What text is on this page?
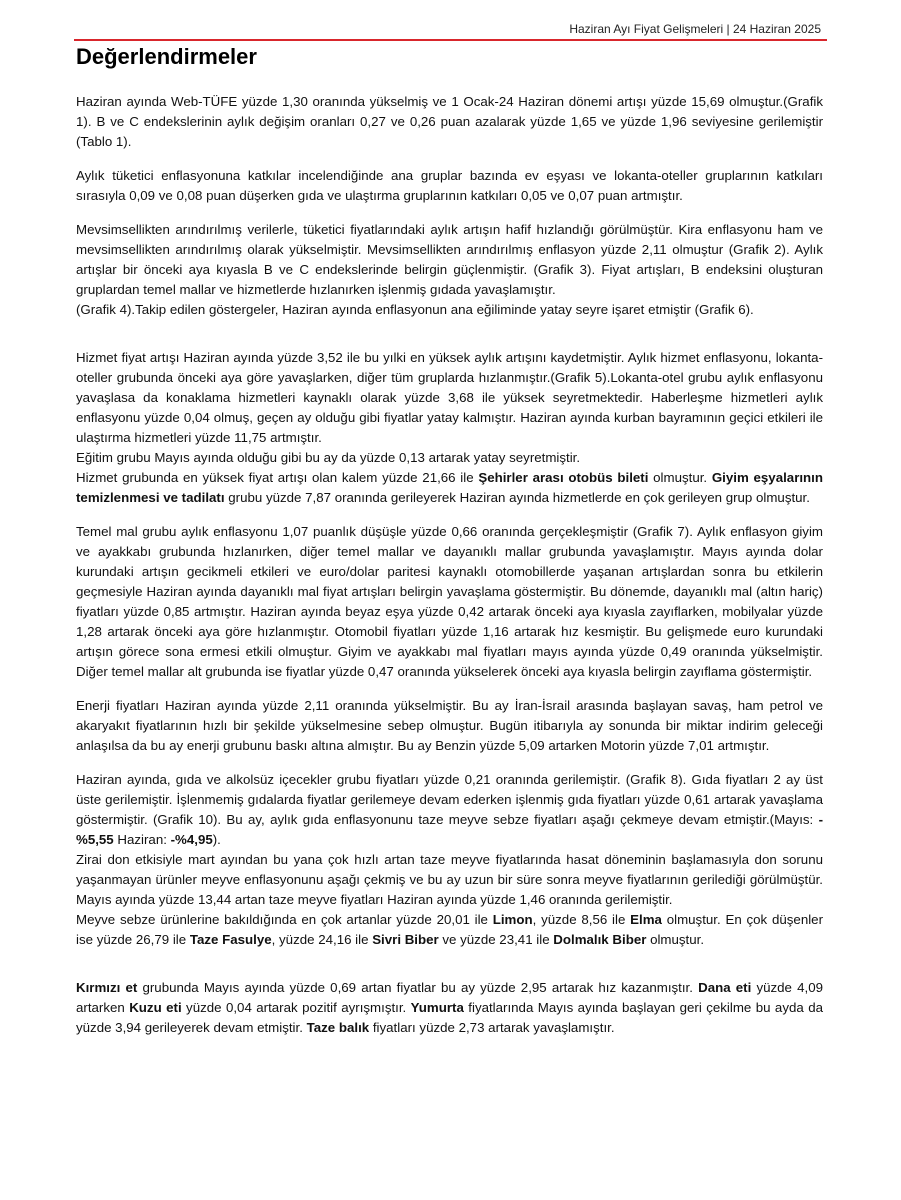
Haziran Ayı Fiyat Gelişmeleri | 24 Haziran 2025
Değerlendirmeler

Haziran ayında Web-TÜFE yüzde 1,30 oranında yükselmiş ve 1 Ocak-24 Haziran dönemi artışı yüzde 15,69 olmuştur.(Grafik 1). B ve C endekslerinin aylık değişim oranları 0,27 ve 0,26 puan azalarak yüzde 1,65 ve yüzde 1,96 seviyesine gerilemiştir (Tablo 1).

Aylık tüketici enflasyonuna katkılar incelendiğinde ana gruplar bazında ev eşyası ve lokanta-oteller gruplarının katkıları sırasıyla 0,09 ve 0,08 puan düşerken gıda ve ulaştırma gruplarının katkıları 0,05 ve 0,07 puan artmıştır.

Mevsimsellikten arındırılmış verilerle, tüketici fiyatlarındaki aylık artışın hafif hızlandığı görülmüştür. Kira enflasyonu ham ve mevsimsellikten arındırılmış olarak yükselmiştir. Mevsimsellikten arındırılmış enflasyon yüzde 2,11 olmuştur (Grafik 2). Aylık artışlar bir önceki aya kıyasla B ve C endekslerinde belirgin güçlenmiştir. (Grafik 3). Fiyat artışları, B endeksini oluşturan gruplardan temel mallar ve hizmetlerde hızlanırken işlenmiş gıdada yavaşlamıştır.

(Grafik 4).Takip edilen göstergeler, Haziran ayında enflasyonun ana eğiliminde yatay seyre işaret etmiştir (Grafik 6).

Hizmet fiyat artışı Haziran ayında yüzde 3,52 ile bu yılki en yüksek aylık artışını kaydetmiştir. Aylık hizmet enflasyonu, lokanta-oteller grubunda önceki aya göre yavaşlarken, diğer tüm gruplarda hızlanmıştır.(Grafik 5).Lokanta-otel grubu aylık enflasyonu yavaşlasa da konaklama hizmetleri kaynaklı olarak yüzde 3,68 ile yüksek seyretmektedir. Haberleşme hizmetleri aylık enflasyonu yüzde 0,04 olmuş, geçen ay olduğu gibi fiyatlar yatay kalmıştır. Haziran ayında kurban bayramının geçici etkileri ile ulaştırma hizmetleri yüzde 11,75 artmıştır.

Eğitim grubu Mayıs ayında olduğu gibi bu ay da yüzde 0,13 artarak yatay seyretmiştir.

Hizmet grubunda en yüksek fiyat artışı olan kalem yüzde 21,66 ile Şehirler arası otobüs bileti olmuştur. Giyim eşyalarının temizlenmesi ve tadilatı grubu yüzde 7,87 oranında gerileyerek Haziran ayında hizmetlerde en çok gerileyen grup olmuştur.

Temel mal grubu aylık enflasyonu 1,07 puanlık düşüşle yüzde 0,66 oranında gerçekleşmiştir (Grafik 7). Aylık enflasyon giyim ve ayakkabı grubunda hızlanırken, diğer temel mallar ve dayanıklı mallar grubunda yavaşlamıştır. Mayıs ayında dolar kurundaki artışın gecikmeli etkileri ve euro/dolar paritesi kaynaklı otomobillerde yaşanan artışlardan sonra bu etkilerin geçmesiyle Haziran ayında dayanıklı mal fiyat artışları belirgin yavaşlama göstermiştir. Bu dönemde, dayanıklı mal (altın hariç) fiyatları yüzde 0,85 artmıştır. Haziran ayında beyaz eşya yüzde 0,42 artarak önceki aya kıyasla zayıflarken, mobilyalar yüzde 1,28 artarak önceki aya göre hızlanmıştır. Otomobil fiyatları yüzde 1,16 artarak hız kesmiştir. Bu gelişmede euro kurundaki artışın görece sona ermesi etkili olmuştur. Giyim ve ayakkabı mal fiyatları mayıs ayında yüzde 0,49 oranında yükselmiştir. Diğer temel mallar alt grubunda ise fiyatlar yüzde 0,47 oranında yükselerek önceki aya kıyasla belirgin zayıflama göstermiştir.

Enerji fiyatları Haziran ayında yüzde 2,11 oranında yükselmiştir. Bu ay İran-İsrail arasında başlayan savaş, ham petrol ve akaryakıt fiyatlarının hızlı bir şekilde yükselmesine sebep olmuştur. Bugün itibarıyla ay sonunda bir miktar indirim geleceği anlaşılsa da bu ay enerji grubunu baskı altına almıştır. Bu ay Benzin yüzde 5,09 artarken Motorin yüzde 7,01 artmıştır.

Haziran ayında, gıda ve alkolsüz içecekler grubu fiyatları yüzde 0,21 oranında gerilemiştir. (Grafik 8). Gıda fiyatları 2 ay üst üste gerilemiştir. İşlenmemiş gıdalarda fiyatlar gerilemeye devam ederken işlenmiş gıda fiyatları yüzde 0,61 artarak yavaşlama göstermiştir. (Grafik 10). Bu ay, aylık gıda enflasyonunu taze meyve sebze fiyatları aşağı çekmeye devam etmiştir.(Mayıs: -%5,55 Haziran: -%4,95).

Zirai don etkisiyle mart ayından bu yana çok hızlı artan taze meyve fiyatlarında hasat döneminin başlamasıyla don sorunu yaşanmayan ürünler meyve enflasyonunu aşağı çekmiş ve bu ay uzun bir süre sonra meyve fiyatlarının gerilediği görülmüştür. Mayıs ayında yüzde 13,44 artan taze meyve fiyatları Haziran ayında yüzde 1,46 oranında gerilemiştir.

Meyve sebze ürünlerine bakıldığında en çok artanlar yüzde 20,01 ile Limon, yüzde 8,56 ile Elma olmuştur. En çok düşenler ise yüzde 26,79 ile Taze Fasulye, yüzde 24,16 ile Sivri Biber ve yüzde 23,41 ile Dolmalık Biber olmuştur.

Kırmızı et grubunda Mayıs ayında yüzde 0,69 artan fiyatlar bu ay yüzde 2,95 artarak hız kazanmıştır. Dana eti yüzde 4,09 artarken Kuzu eti yüzde 0,04 artarak pozitif ayrışmıştır. Yumurta fiyatlarında Mayıs ayında başlayan geri çekilme bu ayda da yüzde 3,94 gerileyerek devam etmiştir. Taze balık fiyatları yüzde 2,73 artarak yavaşlamıştır.
